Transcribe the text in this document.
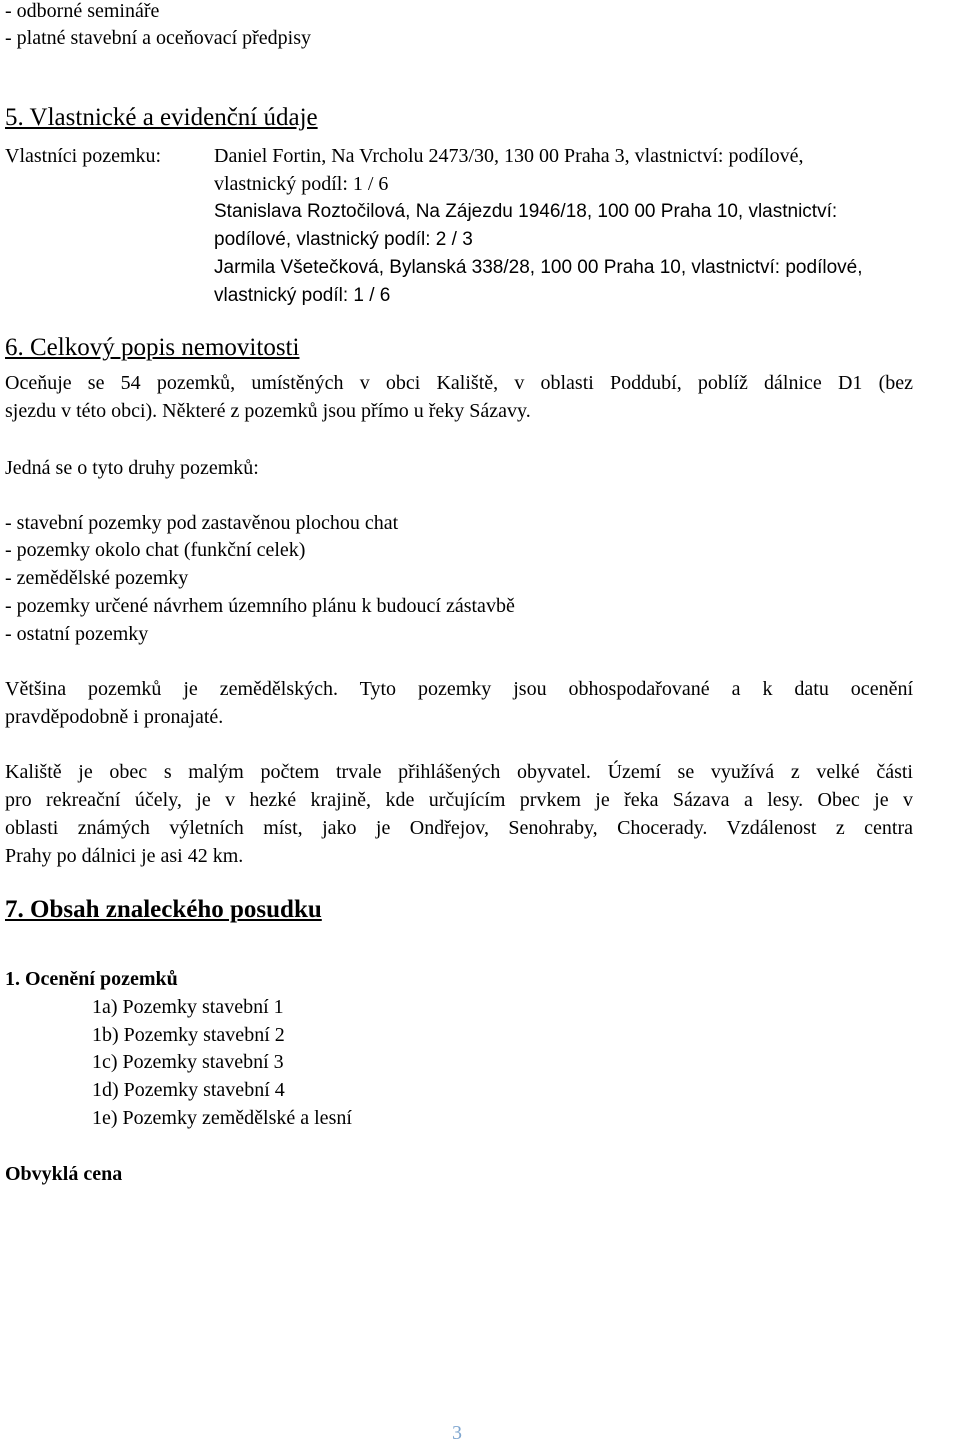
- odborné semináře
- platné stavební a oceňovací předpisy
5. Vlastnické a evidenční údaje
Vlastníci pozemku:	Daniel Fortin, Na Vrcholu 2473/30, 130 00 Praha 3, vlastnictví: podílové,
vlastnický podíl: 1 / 6
Stanislava Roztočilová, Na Zájezdu 1946/18, 100 00 Praha 10, vlastnictví:
podílové, vlastnický podíl: 2 / 3
Jarmila Všetečková, Bylanská 338/28, 100 00 Praha 10, vlastnictví: podílové,
vlastnický podíl: 1 / 6
6. Celkový popis nemovitosti
Oceňuje se 54 pozemků, umístěných v obci Kaliště, v oblasti Poddubí, poblíž dálnice D1 (bez
sjezdu v této obci). Některé z pozemků jsou přímo u řeky Sázavy.
Jedná se o tyto druhy pozemků:
- stavební pozemky pod zastavěnou plochou chat
- pozemky okolo chat (funkční celek)
- zemědělské pozemky
- pozemky určené návrhem územního plánu k budoucí zástavbě
- ostatní pozemky
Většina pozemků je zemědělských. Tyto pozemky jsou obhospodařované a k datu ocenění
pravděpodobně i pronajaté.
Kaliště je obec s malým počtem trvale přihlášených obyvatel. Území se využívá z velké části
pro rekreační účely, je v hezké krajině, kde určujícím prvkem je řeka Sázava a lesy. Obec je v
oblasti známých výletních míst, jako je Ondřejov, Senohraby, Chocerady. Vzdálenost z centra
Prahy po dálnici je asi 42 km.
7. Obsah znaleckého posudku
1. Ocenění pozemků
1a) Pozemky stavební 1
1b) Pozemky stavební 2
1c) Pozemky stavební 3
1d) Pozemky stavební 4
1e) Pozemky zemědělské a lesní
Obvyklá cena
3
